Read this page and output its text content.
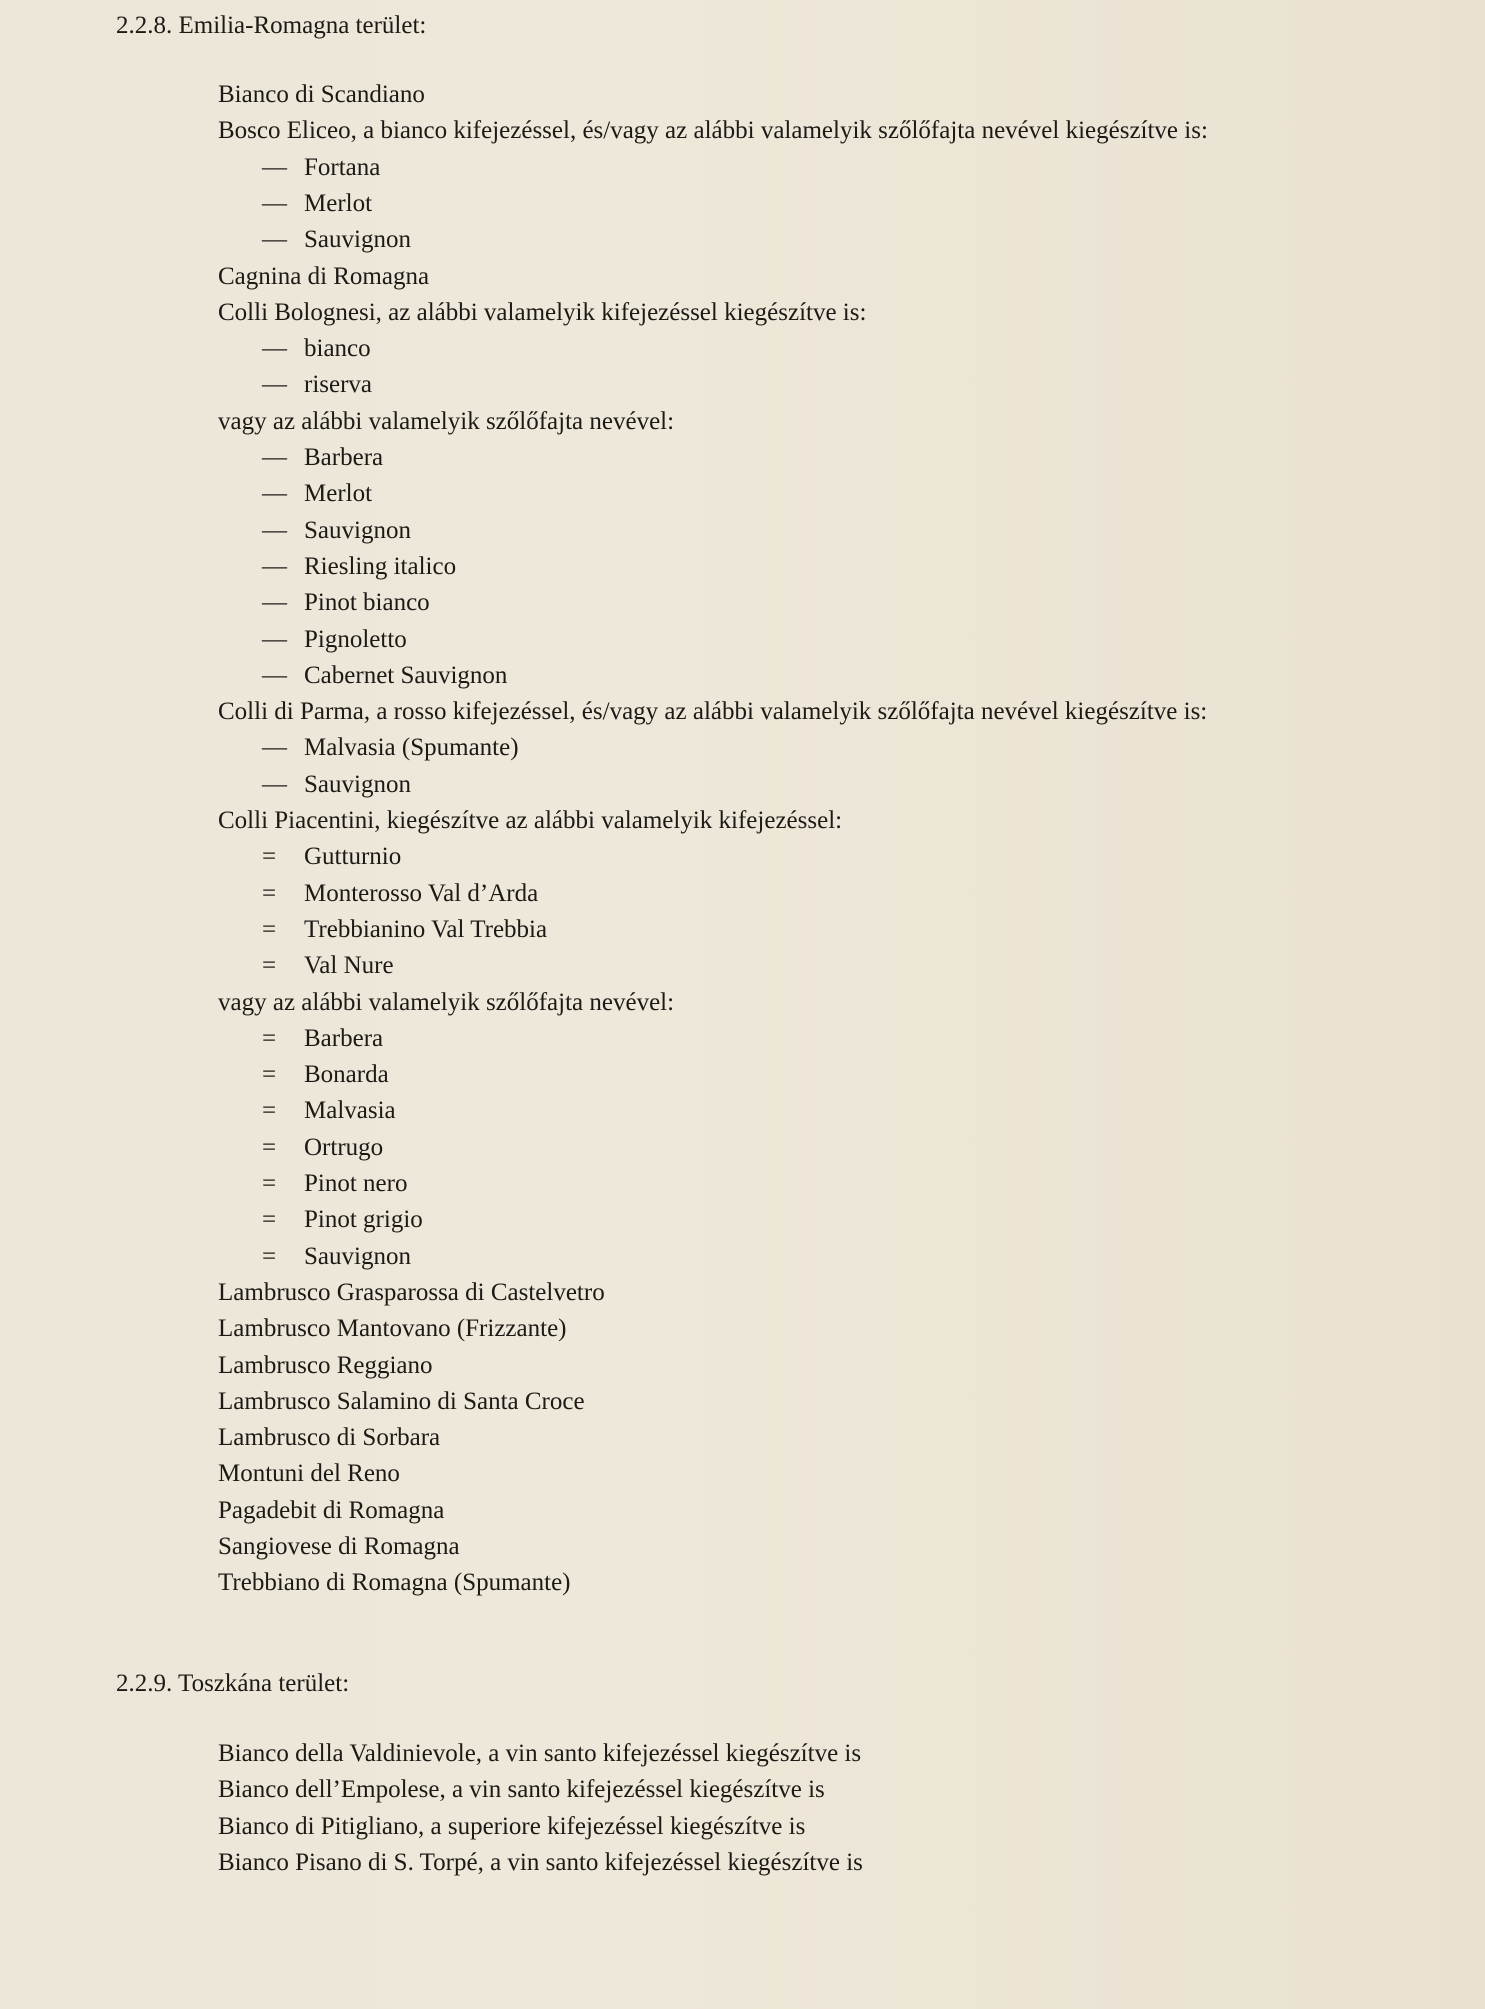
2.2.8. Emilia-Romagna terület:
Bianco di Scandiano
Bosco Eliceo, a bianco kifejezéssel, és/vagy az alábbi valamelyik szőlőfajta nevével kiegészítve is:
— Fortana
— Merlot
— Sauvignon
Cagnina di Romagna
Colli Bolognesi, az alábbi valamelyik kifejezéssel kiegészítve is:
— bianco
— riserva
vagy az alábbi valamelyik szőlőfajta nevével:
— Barbera
— Merlot
— Sauvignon
— Riesling italico
— Pinot bianco
— Pignoletto
— Cabernet Sauvignon
Colli di Parma, a rosso kifejezéssel, és/vagy az alábbi valamelyik szőlőfajta nevével kiegészítve is:
— Malvasia (Spumante)
— Sauvignon
Colli Piacentini, kiegészítve az alábbi valamelyik kifejezéssel:
= Gutturnio
= Monterosso Val d’Arda
= Trebbianino Val Trebbia
= Val Nure
vagy az alábbi valamelyik szőlőfajta nevével:
= Barbera
= Bonarda
= Malvasia
= Ortrugo
= Pinot nero
= Pinot grigio
= Sauvignon
Lambrusco Grasparossa di Castelvetro
Lambrusco Mantovano (Frizzante)
Lambrusco Reggiano
Lambrusco Salamino di Santa Croce
Lambrusco di Sorbara
Montuni del Reno
Pagadebit di Romagna
Sangiovese di Romagna
Trebbiano di Romagna (Spumante)
2.2.9. Toszkána terület:
Bianco della Valdinievole, a vin santo kifejezéssel kiegészítve is
Bianco dell’Empolese, a vin santo kifejezéssel kiegészítve is
Bianco di Pitigliano, a superiore kifejezéssel kiegészítve is
Bianco Pisano di S. Torpé, a vin santo kifejezéssel kiegészítve is
